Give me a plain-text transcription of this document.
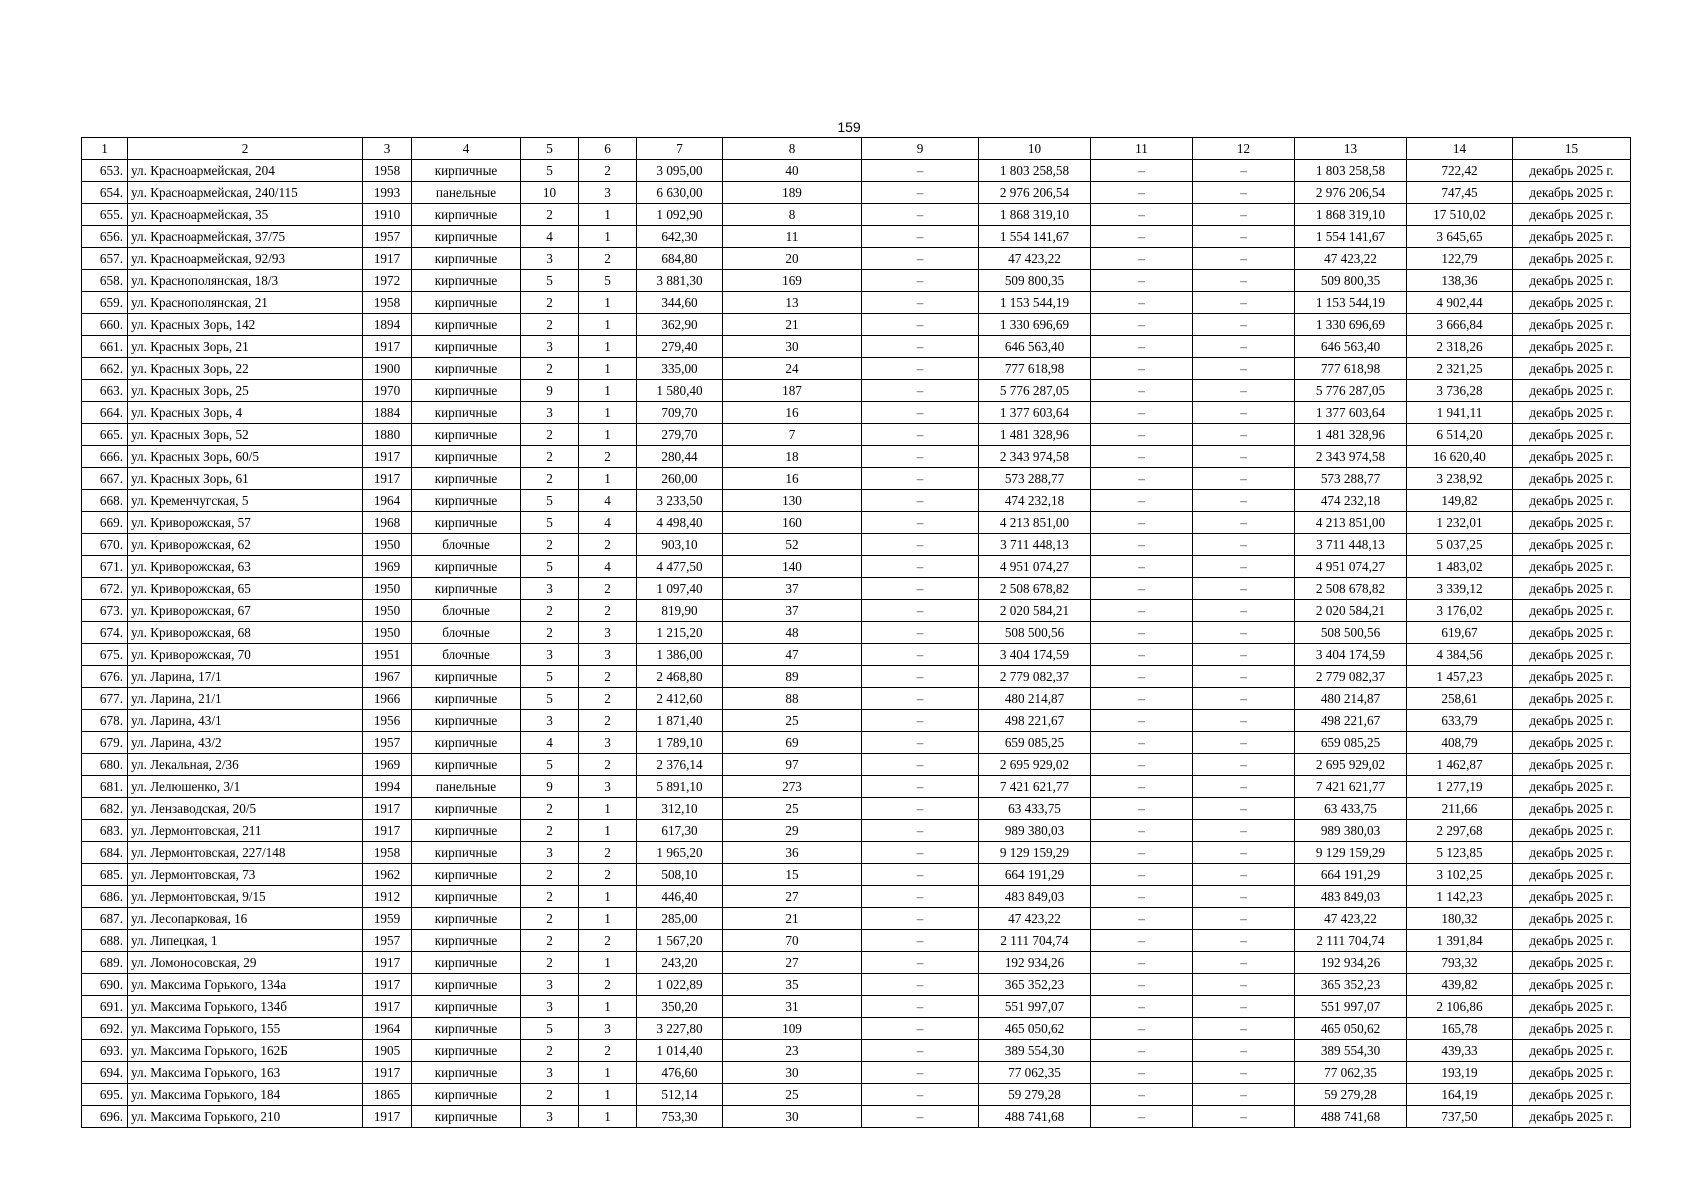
159
1	2	3	4	5	6	7	8	9	10	11	12	13	14	15
653.	ул. Красноармейская, 204	1958	кирпичные	5	2	3 095,00	40	–	1 803 258,58	–	–	1 803 258,58	722,42	декабрь 2025 г.
654.	ул. Красноармейская, 240/115	1993	панельные	10	3	6 630,00	189	–	2 976 206,54	–	–	2 976 206,54	747,45	декабрь 2025 г.
655.	ул. Красноармейская, 35	1910	кирпичные	2	1	1 092,90	8	–	1 868 319,10	–	–	1 868 319,10	17 510,02	декабрь 2025 г.
656.	ул. Красноармейская, 37/75	1957	кирпичные	4	1	642,30	11	–	1 554 141,67	–	–	1 554 141,67	3 645,65	декабрь 2025 г.
657.	ул. Красноармейская, 92/93	1917	кирпичные	3	2	684,80	20	–	47 423,22	–	–	47 423,22	122,79	декабрь 2025 г.
658.	ул. Краснополянская, 18/3	1972	кирпичные	5	5	3 881,30	169	–	509 800,35	–	–	509 800,35	138,36	декабрь 2025 г.
659.	ул. Краснополянская, 21	1958	кирпичные	2	1	344,60	13	–	1 153 544,19	–	–	1 153 544,19	4 902,44	декабрь 2025 г.
660.	ул. Красных Зорь, 142	1894	кирпичные	2	1	362,90	21	–	1 330 696,69	–	–	1 330 696,69	3 666,84	декабрь 2025 г.
661.	ул. Красных Зорь, 21	1917	кирпичные	3	1	279,40	30	–	646 563,40	–	–	646 563,40	2 318,26	декабрь 2025 г.
662.	ул. Красных Зорь, 22	1900	кирпичные	2	1	335,00	24	–	777 618,98	–	–	777 618,98	2 321,25	декабрь 2025 г.
663.	ул. Красных Зорь, 25	1970	кирпичные	9	1	1 580,40	187	–	5 776 287,05	–	–	5 776 287,05	3 736,28	декабрь 2025 г.
664.	ул. Красных Зорь, 4	1884	кирпичные	3	1	709,70	16	–	1 377 603,64	–	–	1 377 603,64	1 941,11	декабрь 2025 г.
665.	ул. Красных Зорь, 52	1880	кирпичные	2	1	279,70	7	–	1 481 328,96	–	–	1 481 328,96	6 514,20	декабрь 2025 г.
666.	ул. Красных Зорь, 60/5	1917	кирпичные	2	2	280,44	18	–	2 343 974,58	–	–	2 343 974,58	16 620,40	декабрь 2025 г.
667.	ул. Красных Зорь, 61	1917	кирпичные	2	1	260,00	16	–	573 288,77	–	–	573 288,77	3 238,92	декабрь 2025 г.
668.	ул. Кременчугская, 5	1964	кирпичные	5	4	3 233,50	130	–	474 232,18	–	–	474 232,18	149,82	декабрь 2025 г.
669.	ул. Криворожская, 57	1968	кирпичные	5	4	4 498,40	160	–	4 213 851,00	–	–	4 213 851,00	1 232,01	декабрь 2025 г.
670.	ул. Криворожская, 62	1950	блочные	2	2	903,10	52	–	3 711 448,13	–	–	3 711 448,13	5 037,25	декабрь 2025 г.
671.	ул. Криворожская, 63	1969	кирпичные	5	4	4 477,50	140	–	4 951 074,27	–	–	4 951 074,27	1 483,02	декабрь 2025 г.
672.	ул. Криворожская, 65	1950	кирпичные	3	2	1 097,40	37	–	2 508 678,82	–	–	2 508 678,82	3 339,12	декабрь 2025 г.
673.	ул. Криворожская, 67	1950	блочные	2	2	819,90	37	–	2 020 584,21	–	–	2 020 584,21	3 176,02	декабрь 2025 г.
674.	ул. Криворожская, 68	1950	блочные	2	3	1 215,20	48	–	508 500,56	–	–	508 500,56	619,67	декабрь 2025 г.
675.	ул. Криворожская, 70	1951	блочные	3	3	1 386,00	47	–	3 404 174,59	–	–	3 404 174,59	4 384,56	декабрь 2025 г.
676.	ул. Ларина, 17/1	1967	кирпичные	5	2	2 468,80	89	–	2 779 082,37	–	–	2 779 082,37	1 457,23	декабрь 2025 г.
677.	ул. Ларина, 21/1	1966	кирпичные	5	2	2 412,60	88	–	480 214,87	–	–	480 214,87	258,61	декабрь 2025 г.
678.	ул. Ларина, 43/1	1956	кирпичные	3	2	1 871,40	25	–	498 221,67	–	–	498 221,67	633,79	декабрь 2025 г.
679.	ул. Ларина, 43/2	1957	кирпичные	4	3	1 789,10	69	–	659 085,25	–	–	659 085,25	408,79	декабрь 2025 г.
680.	ул. Лекальная, 2/36	1969	кирпичные	5	2	2 376,14	97	–	2 695 929,02	–	–	2 695 929,02	1 462,87	декабрь 2025 г.
681.	ул. Лелюшенко, 3/1	1994	панельные	9	3	5 891,10	273	–	7 421 621,77	–	–	7 421 621,77	1 277,19	декабрь 2025 г.
682.	ул. Лензаводская, 20/5	1917	кирпичные	2	1	312,10	25	–	63 433,75	–	–	63 433,75	211,66	декабрь 2025 г.
683.	ул. Лермонтовская, 211	1917	кирпичные	2	1	617,30	29	–	989 380,03	–	–	989 380,03	2 297,68	декабрь 2025 г.
684.	ул. Лермонтовская, 227/148	1958	кирпичные	3	2	1 965,20	36	–	9 129 159,29	–	–	9 129 159,29	5 123,85	декабрь 2025 г.
685.	ул. Лермонтовская, 73	1962	кирпичные	2	2	508,10	15	–	664 191,29	–	–	664 191,29	3 102,25	декабрь 2025 г.
686.	ул. Лермонтовская, 9/15	1912	кирпичные	2	1	446,40	27	–	483 849,03	–	–	483 849,03	1 142,23	декабрь 2025 г.
687.	ул. Лесопарковая, 16	1959	кирпичные	2	1	285,00	21	–	47 423,22	–	–	47 423,22	180,32	декабрь 2025 г.
688.	ул. Липецкая, 1	1957	кирпичные	2	2	1 567,20	70	–	2 111 704,74	–	–	2 111 704,74	1 391,84	декабрь 2025 г.
689.	ул. Ломоносовская, 29	1917	кирпичные	2	1	243,20	27	–	192 934,26	–	–	192 934,26	793,32	декабрь 2025 г.
690.	ул. Максима Горького, 134а	1917	кирпичные	3	2	1 022,89	35	–	365 352,23	–	–	365 352,23	439,82	декабрь 2025 г.
691.	ул. Максима Горького, 134б	1917	кирпичные	3	1	350,20	31	–	551 997,07	–	–	551 997,07	2 106,86	декабрь 2025 г.
692.	ул. Максима Горького, 155	1964	кирпичные	5	3	3 227,80	109	–	465 050,62	–	–	465 050,62	165,78	декабрь 2025 г.
693.	ул. Максима Горького, 162Б	1905	кирпичные	2	2	1 014,40	23	–	389 554,30	–	–	389 554,30	439,33	декабрь 2025 г.
694.	ул. Максима Горького, 163	1917	кирпичные	3	1	476,60	30	–	77 062,35	–	–	77 062,35	193,19	декабрь 2025 г.
695.	ул. Максима Горького, 184	1865	кирпичные	2	1	512,14	25	–	59 279,28	–	–	59 279,28	164,19	декабрь 2025 г.
696.	ул. Максима Горького, 210	1917	кирпичные	3	1	753,30	30	–	488 741,68	–	–	488 741,68	737,50	декабрь 2025 г.
